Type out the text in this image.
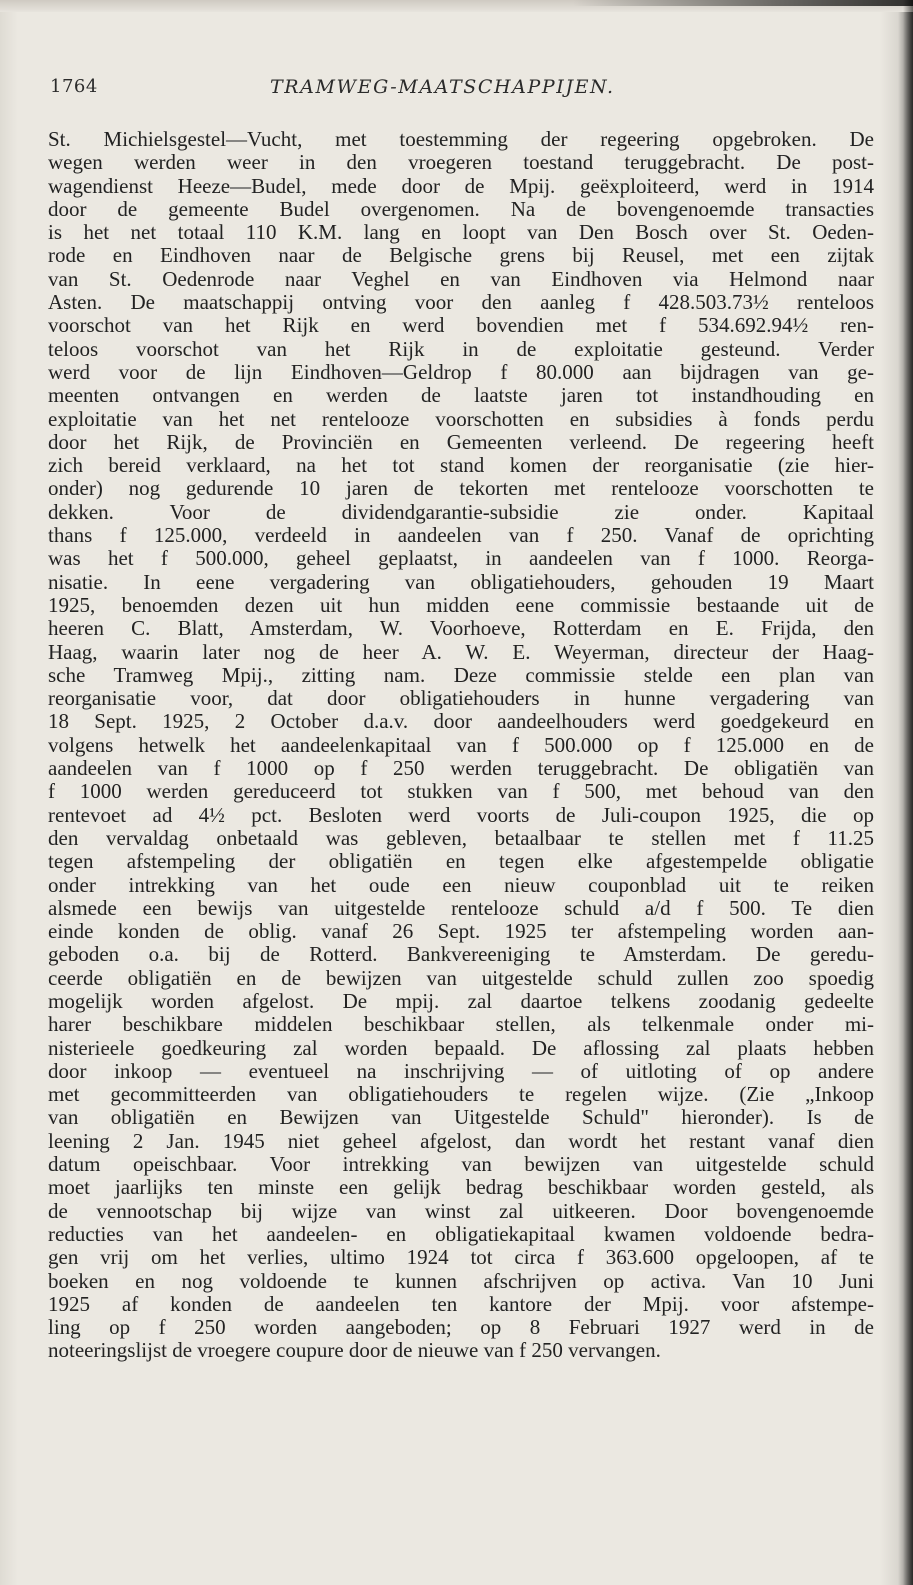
1764	TRAMWEG-MAATSCHAPPIJEN.
St. Michielsgestel—Vucht, met toestemming der regeering opgebroken. De
wegen werden weer in den vroegeren toestand teruggebracht. De post-
wagendienst Heeze—Budel, mede door de Mpij. geëxploiteerd, werd in 1914
door de gemeente Budel overgenomen. Na de bovengenoemde transacties
is het net totaal 110 K.M. lang en loopt van Den Bosch over St. Oeden-
rode en Eindhoven naar de Belgische grens bij Reusel, met een zijtak
van St. Oedenrode naar Veghel en van Eindhoven via Helmond naar
Asten. De maatschappij ontving voor den aanleg f 428.503.73½ renteloos
voorschot van het Rijk en werd bovendien met f 534.692.94½ ren-
teloos voorschot van het Rijk in de exploitatie gesteund. Verder
werd voor de lijn Eindhoven—Geldrop f 80.000 aan bijdragen van ge-
meenten ontvangen en werden de laatste jaren tot instandhouding en
exploitatie van het net rentelooze voorschotten en subsidies à fonds perdu
door het Rijk, de Provinciën en Gemeenten verleend. De regeering heeft
zich bereid verklaard, na het tot stand komen der reorganisatie (zie hier-
onder) nog gedurende 10 jaren de tekorten met rentelooze voorschotten te
dekken. Voor de dividendgarantie-subsidie zie onder. Kapitaal
thans f 125.000, verdeeld in aandeelen van f 250. Vanaf de oprichting
was het f 500.000, geheel geplaatst, in aandeelen van f 1000. Reorga-
nisatie. In eene vergadering van obligatiehouders, gehouden 19 Maart
1925, benoemden dezen uit hun midden eene commissie bestaande uit de
heeren C. Blatt, Amsterdam, W. Voorhoeve, Rotterdam en E. Frijda, den
Haag, waarin later nog de heer A. W. E. Weyerman, directeur der Haag-
sche Tramweg Mpij., zitting nam. Deze commissie stelde een plan van
reorganisatie voor, dat door obligatiehouders in hunne vergadering van
18 Sept. 1925, 2 October d.a.v. door aandeelhouders werd goedgekeurd en
volgens hetwelk het aandeelenkapitaal van f 500.000 op f 125.000 en de
aandeelen van f 1000 op f 250 werden teruggebracht. De obligatiën van
f 1000 werden gereduceerd tot stukken van f 500, met behoud van den
rentevoet ad 4½ pct. Besloten werd voorts de Juli-coupon 1925, die op
den vervaldag onbetaald was gebleven, betaalbaar te stellen met f 11.25
tegen afstempeling der obligatiën en tegen elke afgestempelde obligatie
onder intrekking van het oude een nieuw couponblad uit te reiken
alsmede een bewijs van uitgestelde rentelooze schuld a/d f 500. Te dien
einde konden de oblig. vanaf 26 Sept. 1925 ter afstempeling worden aan-
geboden o.a. bij de Rotterd. Bankvereeniging te Amsterdam. De geredu-
ceerde obligatiën en de bewijzen van uitgestelde schuld zullen zoo spoedig
mogelijk worden afgelost. De mpij. zal daartoe telkens zoodanig gedeelte
harer beschikbare middelen beschikbaar stellen, als telkenmale onder mi-
nisterieele goedkeuring zal worden bepaald. De aflossing zal plaats hebben
door inkoop — eventueel na inschrijving — of uitloting of op andere
met gecommitteerden van obligatiehouders te regelen wijze. (Zie „Inkoop
van obligatiën en Bewijzen van Uitgestelde Schuld" hieronder). Is de
leening 2 Jan. 1945 niet geheel afgelost, dan wordt het restant vanaf dien
datum opeischbaar. Voor intrekking van bewijzen van uitgestelde schuld
moet jaarlijks ten minste een gelijk bedrag beschikbaar worden gesteld, als
de vennootschap bij wijze van winst zal uitkeeren. Door bovengenoemde
reducties van het aandeelen- en obligatiekapitaal kwamen voldoende bedra-
gen vrij om het verlies, ultimo 1924 tot circa f 363.600 opgeloopen, af te
boeken en nog voldoende te kunnen afschrijven op activa. Van 10 Juni
1925 af konden de aandeelen ten kantore der Mpij. voor afstempe-
ling op f 250 worden aangeboden; op 8 Februari 1927 werd in de
noteeringslijst de vroegere coupure door de nieuwe van f 250 vervangen.
